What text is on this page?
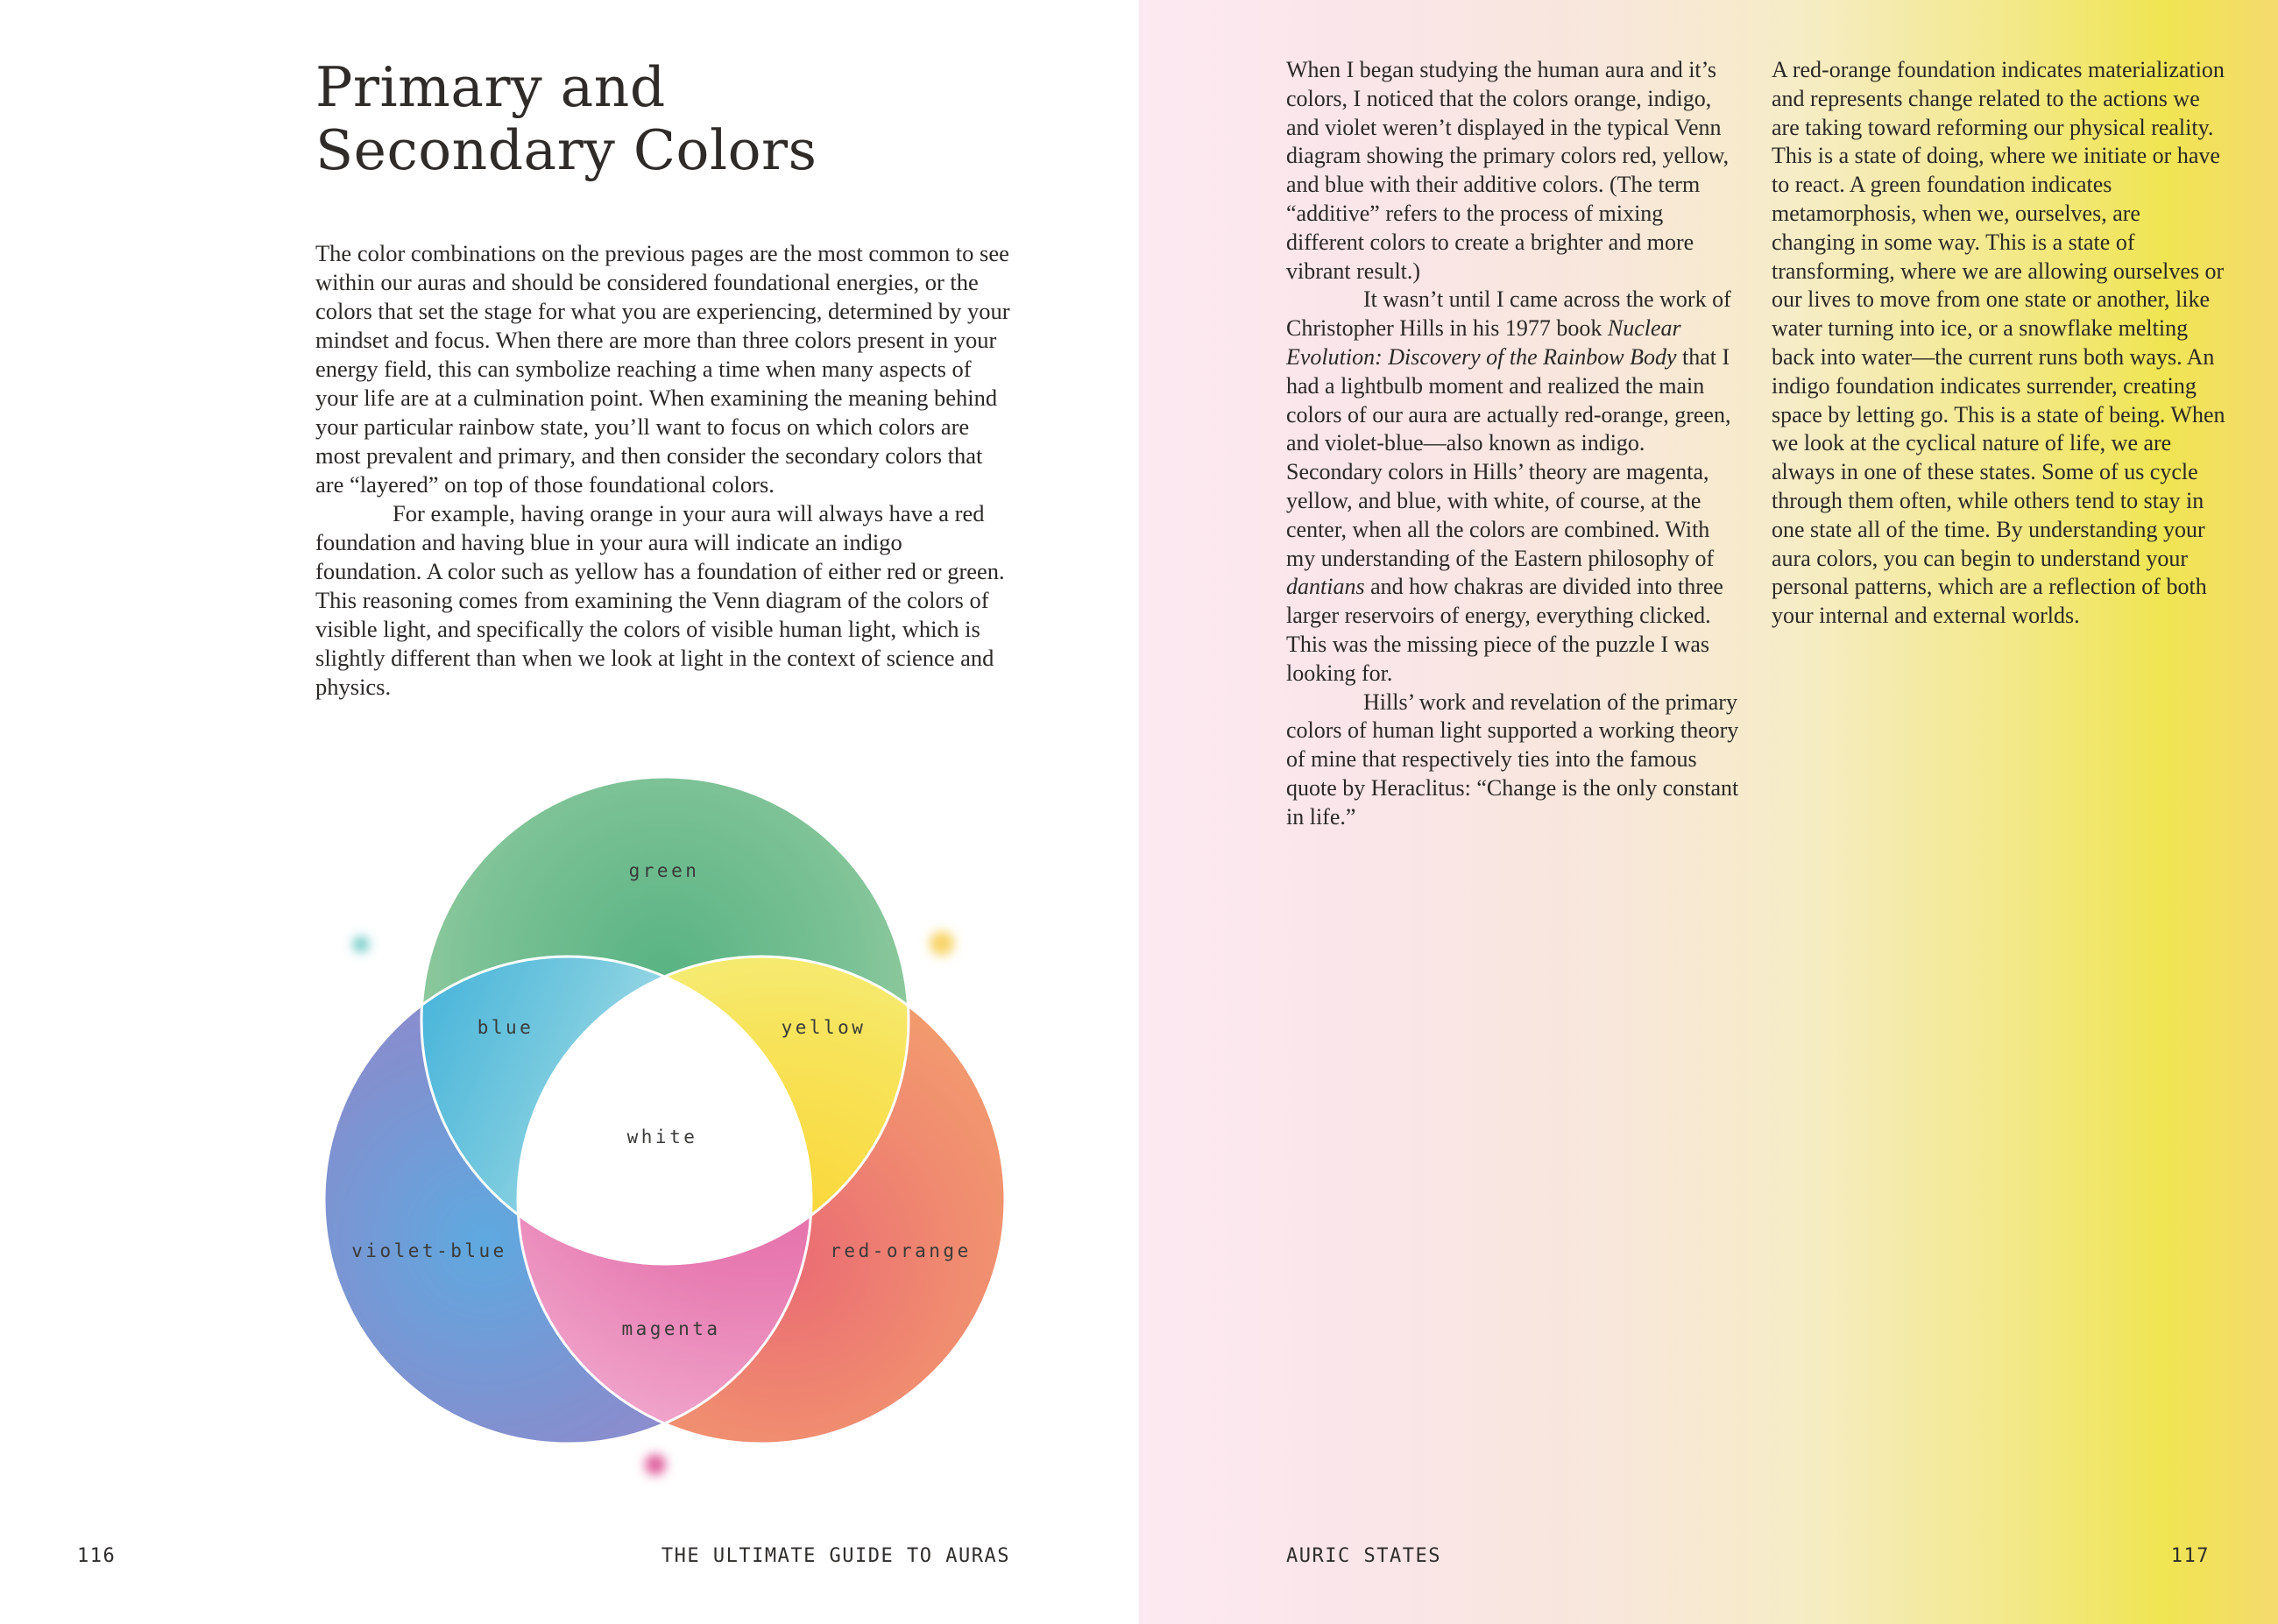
Primary and
Secondary Colors

The color combinations on the previous pages are the most common to see within our auras and should be considered foundational energies, or the colors that set the stage for what you are experiencing, determined by your mindset and focus. When there are more than three colors present in your energy field, this can symbolize reaching a time when many aspects of your life are at a culmination point. When examining the meaning behind your particular rainbow state, you’ll want to focus on which colors are most prevalent and primary, and then consider the secondary colors that are “layered” on top of those foundational colors.

For example, having orange in your aura will always have a red foundation and having blue in your aura will indicate an indigo foundation. A color such as yellow has a foundation of either red or green. This reasoning comes from examining the Venn diagram of the colors of visible light, and specifically the colors of visible human light, which is slightly different than when we look at light in the context of science and physics.

green
blue	yellow
white
violet-blue	red-orange
magenta
116	THE ULTIMATE GUIDE TO AURAS

When I began studying the human aura and it’s colors, I noticed that the colors orange, indigo, and violet weren’t displayed in the typical Venn diagram showing the primary colors red, yellow, and blue with their additive colors. (The term “additive” refers to the process of mixing different colors to create a brighter and more vibrant result.)

It wasn’t until I came across the work of Christopher Hills in his 1977 book Nuclear Evolution: Discovery of the Rainbow Body that I had a lightbulb moment and realized the main colors of our aura are actually red-orange, green, and violet-blue—also known as indigo. Secondary colors in Hills’ theory are magenta, yellow, and blue, with white, of course, at the center, when all the colors are combined. With my understanding of the Eastern philosophy of dantians and how chakras are divided into three larger reservoirs of energy, everything clicked. This was the missing piece of the puzzle I was looking for.

Hills’ work and revelation of the primary colors of human light supported a working theory of mine that respectively ties into the famous quote by Heraclitus: “Change is the only constant in life.”

A red-orange foundation indicates materialization and represents change related to the actions we are taking toward reforming our physical reality. This is a state of doing, where we initiate or have to react. A green foundation indicates metamorphosis, when we, ourselves, are changing in some way. This is a state of transforming, where we are allowing ourselves or our lives to move from one state or another, like water turning into ice, or a snowflake melting back into water—the current runs both ways. An indigo foundation indicates surrender, creating space by letting go. This is a state of being. When we look at the cyclical nature of life, we are always in one of these states. Some of us cycle through them often, while others tend to stay in one state all of the time. By understanding your aura colors, you can begin to understand your personal patterns, which are a reflection of both your internal and external worlds.

AURIC STATES	117
